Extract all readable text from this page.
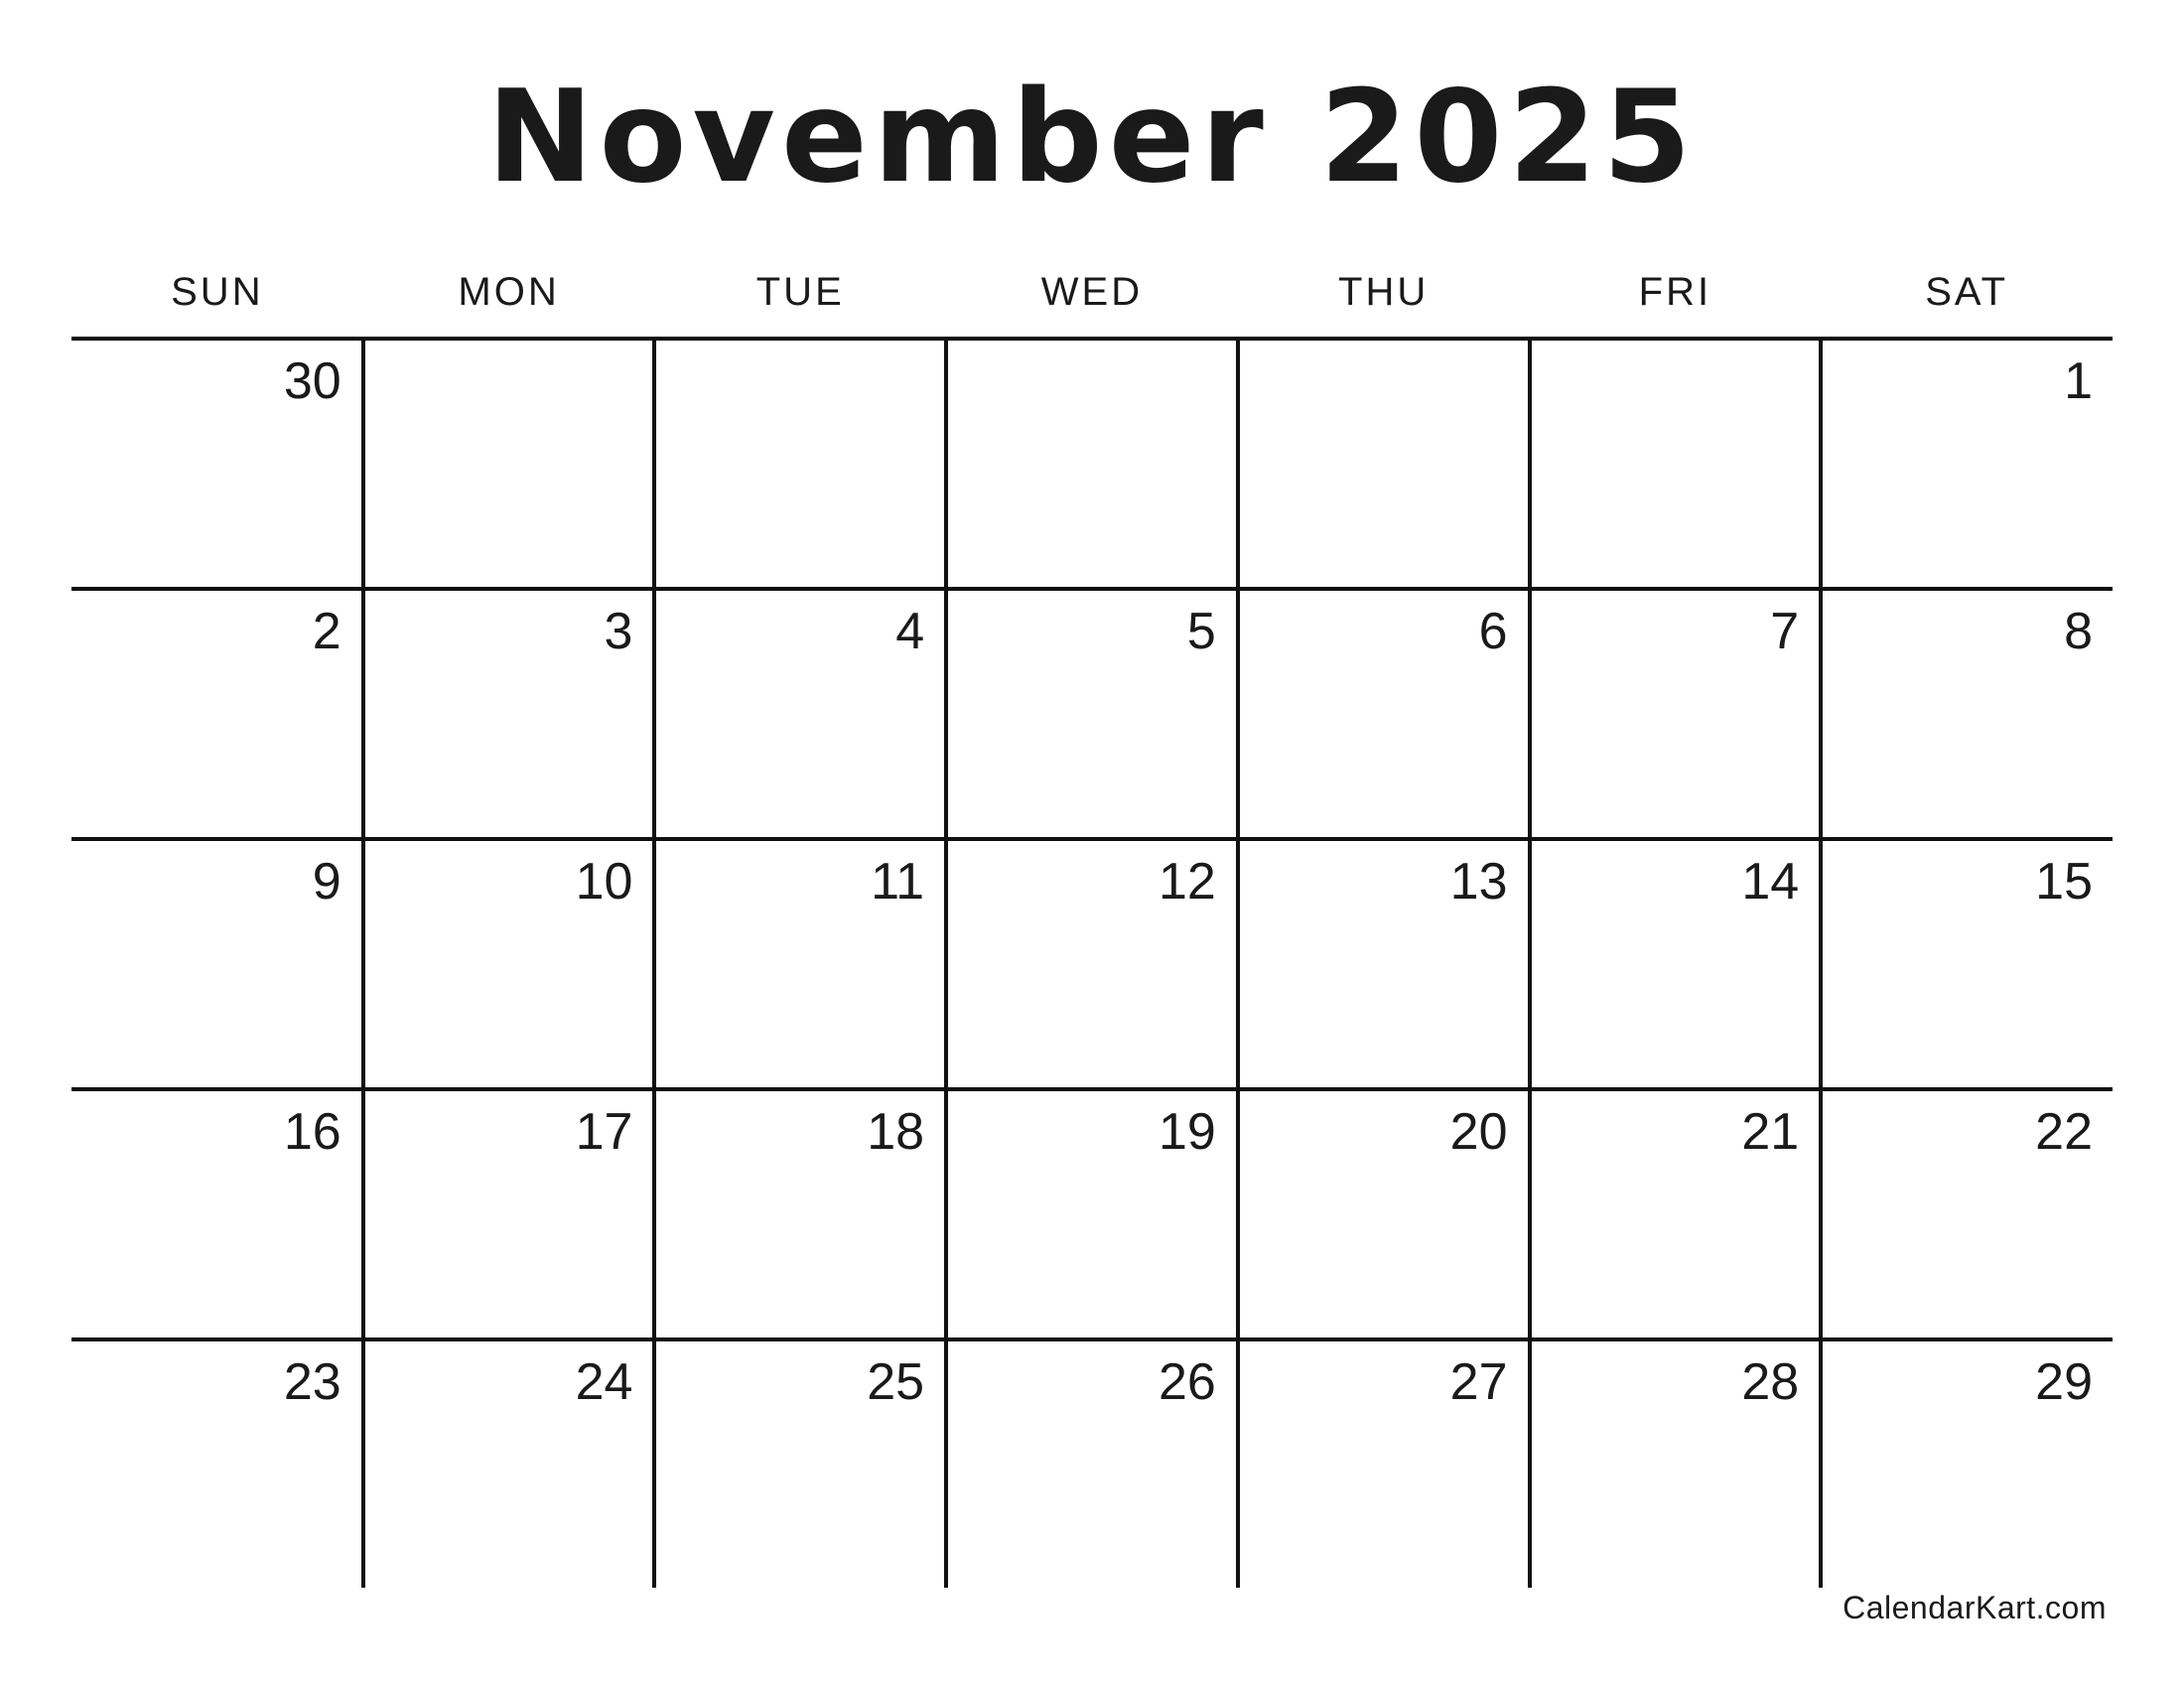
November 2025
SUN	MON	TUE	WED	THU	FRI	SAT

30						1

2	3	4	5	6	7	8

9	10	11	12	13	14	15

16	17	18	19	20	21	22

23	24	25	26	27	28	29
CalendarKart.com
